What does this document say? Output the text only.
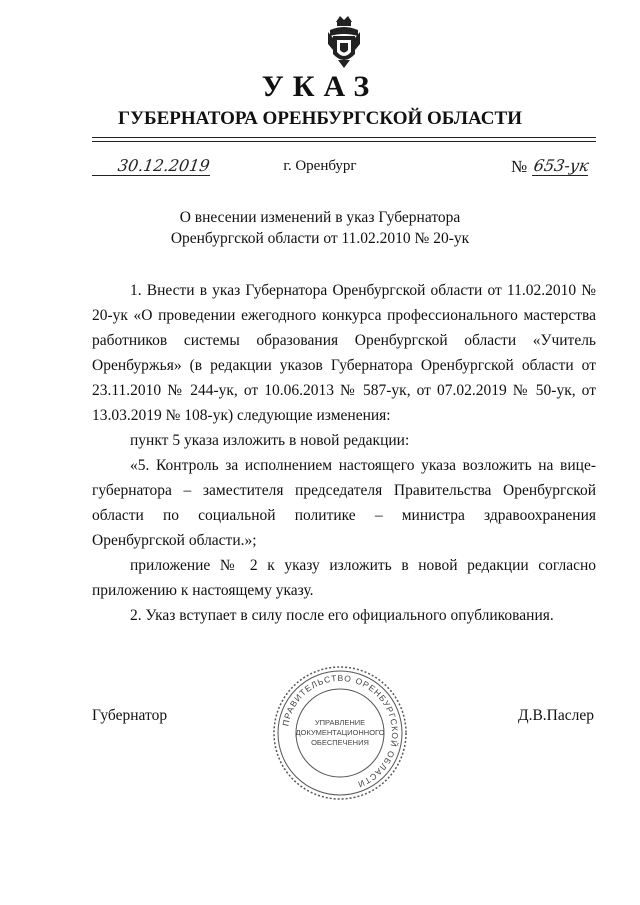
УКАЗ
ГУБЕРНАТОРА ОРЕНБУРГСКОЙ ОБЛАСТИ
30.12.2019	г. Оренбург	№ 653-ук
О внесении изменений в указ Губернатора
Оренбургской области от 11.02.2010 № 20-ук

1. Внести в указ Губернатора Оренбургской области от 11.02.2010 № 20-ук «О проведении ежегодного конкурса профессионального мастерства работников системы образования Оренбургской области «Учитель Оренбуржья» (в редакции указов Губернатора Оренбургской области от 23.11.2010 № 244-ук, от 10.06.2013 № 587-ук, от 07.02.2019 № 50-ук, от 13.03.2019 № 108-ук) следующие изменения:

пункт 5 указа изложить в новой редакции:

«5. Контроль за исполнением настоящего указа возложить на вице-губернатора – заместителя председателя Правительства Оренбургской области по социальной политике – министра здравоохранения Оренбургской области.»;

приложение № 2 к указу изложить в новой редакции согласно приложению к настоящему указу.

2. Указ вступает в силу после его официального опубликования.

Губернатор	Д.В.Паслер
ПРАВИТЕЛЬСТВО ОРЕНБУРГСКОЙ ОБЛАСТИ
УПРАВЛЕНИЕ
ДОКУМЕНТАЦИОННОГО
ОБЕСПЕЧЕНИЯ
